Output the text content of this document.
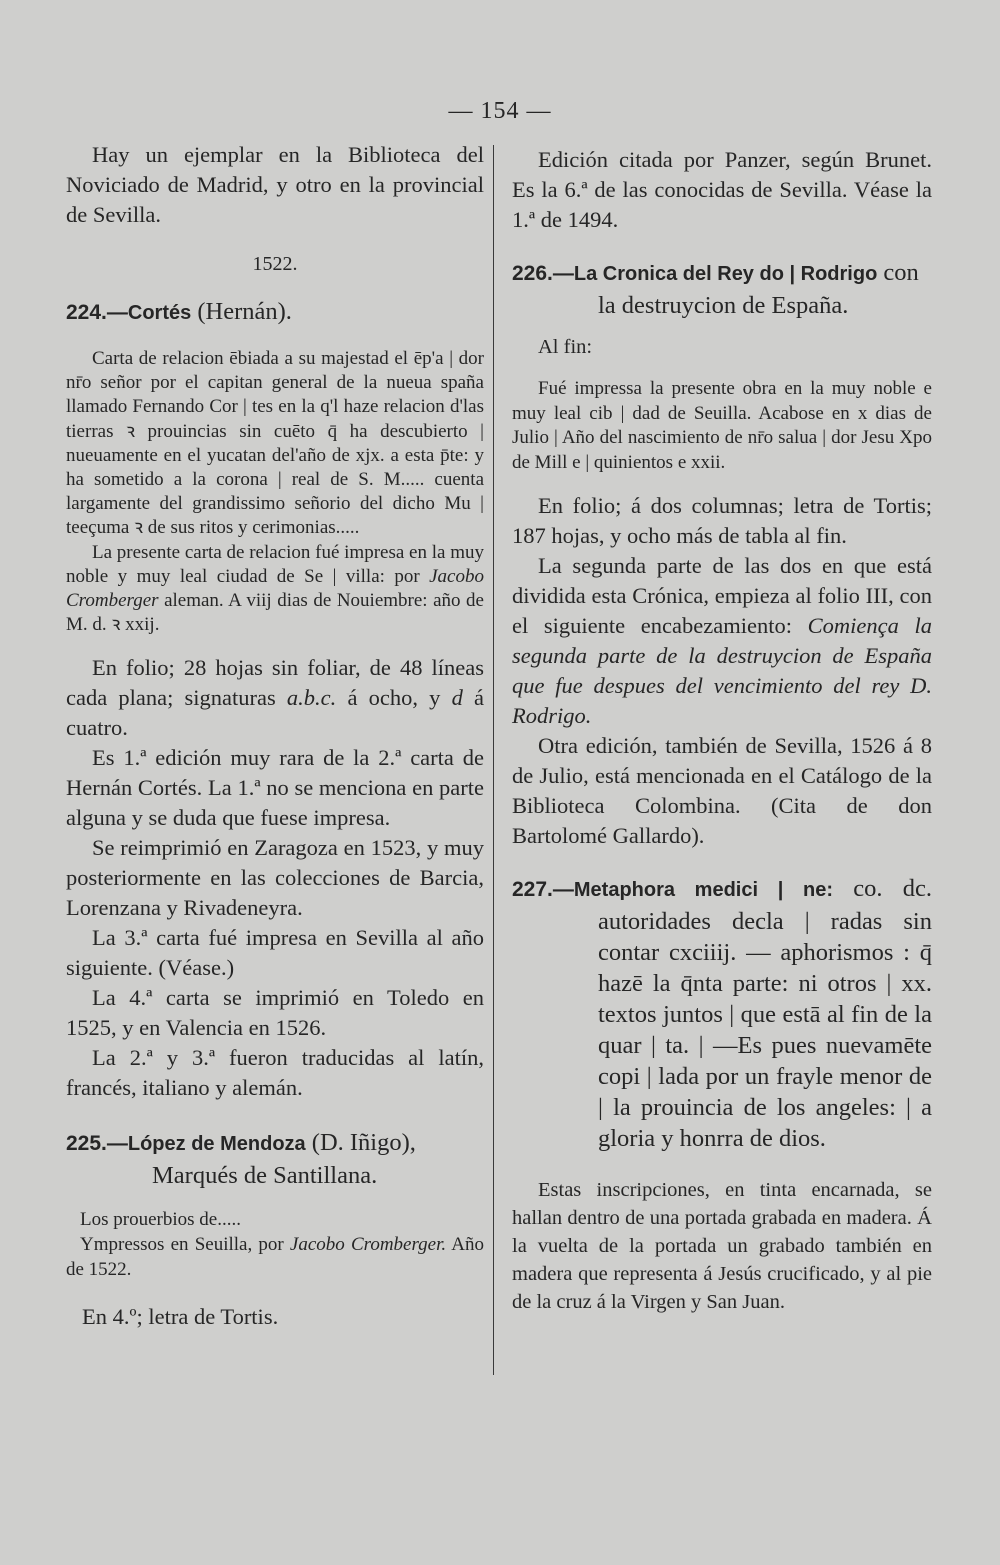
— 154 —

Hay un ejemplar en la Biblioteca del Noviciado de Madrid, y otro en la provincial de Sevilla.

1522.

224.—Cortés (Hernán).

Carta de relacion ēbiada a su majestad el ēp'a | dor nr̄o señor por el capitan general de la nueua spaña llamado Fernando Cor | tes en la q'l haze relacion d'las tierras ꝛ prouincias sin cuēto q̄ ha descubierto | nueuamente en el yucatan del'año de xjx. a esta p̄te: y ha sometido a la corona | real de S. M..... cuenta largamente del grandissimo señorio del dicho Mu | teeçuma ꝛ de sus ritos y cerimonias.....

La presente carta de relacion fué impresa en la muy noble y muy leal ciudad de Se | villa: por Jacobo Cromberger aleman. A viij dias de Nouiembre: año de M. d. ꝛ xxij.

En folio; 28 hojas sin foliar, de 48 líneas cada plana; signaturas a.b.c. á ocho, y d á cuatro.

Es 1.ª edición muy rara de la 2.ª carta de Hernán Cortés. La 1.ª no se menciona en parte alguna y se duda que fuese impresa.

Se reimprimió en Zaragoza en 1523, y muy posteriormente en las colecciones de Barcia, Lorenzana y Rivadeneyra.

La 3.ª carta fué impresa en Sevilla al año siguiente. (Véase.)

La 4.ª carta se imprimió en Toledo en 1525, y en Valencia en 1526.

La 2.ª y 3.ª fueron traducidas al latín, francés, italiano y alemán.

225.—López de Mendoza (D. Iñigo), Marqués de Santillana.

Los prouerbios de.....

Ympressos en Seuilla, por Jacobo Cromberger. Año de 1522.

En 4.º; letra de Tortis.

Edición citada por Panzer, según Brunet. Es la 6.ª de las conocidas de Sevilla. Véase la 1.ª de 1494.

226.—La Cronica del Rey do | Rodrigo con la destruycion de España.

Al fin:

Fué impressa la presente obra en la muy noble e muy leal cib | dad de Seuilla. Acabose en x dias de Julio | Año del nascimiento de nr̄o salua | dor Jesu Xpo de Mill e | quinientos e xxii.

En folio; á dos columnas; letra de Tortis; 187 hojas, y ocho más de tabla al fin.

La segunda parte de las dos en que está dividida esta Crónica, empieza al folio III, con el siguiente encabezamiento: Comiença la segunda parte de la destruycion de España que fue despues del vencimiento del rey D. Rodrigo.

Otra edición, también de Sevilla, 1526 á 8 de Julio, está mencionada en el Catálogo de la Biblioteca Colombina. (Cita de don Bartolomé Gallardo).

227.—Metaphora medici | ne: co. dc. autoridades decla | radas sin contar cxciiij. — aphorismos : q̄ hazē la q̄nta parte: ni otros | xx. textos juntos | que estā al fin de la quar | ta. | —Es pues nuevamēte copi | lada por un frayle menor de | la prouincia de los angeles: | a gloria y honrra de dios.

Estas inscripciones, en tinta encarnada, se hallan dentro de una portada grabada en madera. Á la vuelta de la portada un grabado también en madera que representa á Jesús crucificado, y al pie de la cruz á la Virgen y San Juan.
